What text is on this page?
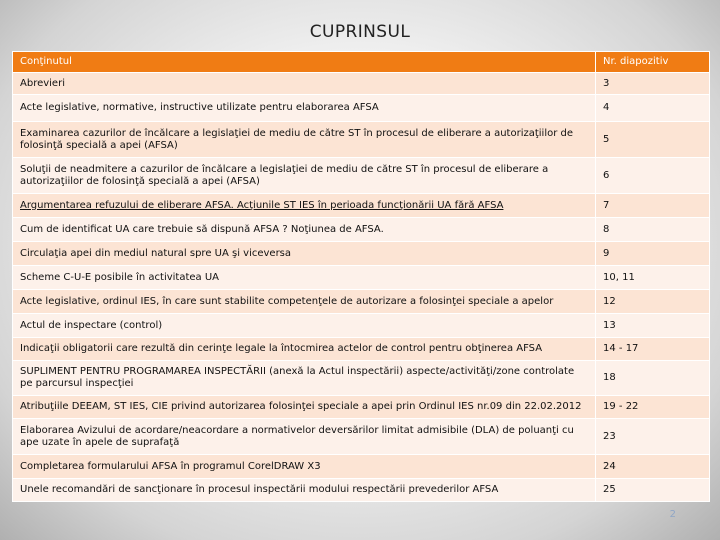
CUPRINSUL
Conţinutul	Nr. diapozitiv
Abrevieri	3
Acte legislative, normative, instructive utilizate pentru elaborarea AFSA	4
Examinarea cazurilor de încălcare a legislaţiei de mediu de către ST în procesul de eliberare a autorizaţiilor de folosinţă specială a apei (AFSA)	5
Soluţii de neadmitere a cazurilor de încălcare a legislaţiei de mediu de către ST în procesul de eliberare a autorizaţiilor de folosinţă specială a apei (AFSA)	6
Argumentarea refuzului de eliberare AFSA. Acţiunile ST IES în perioada funcţionării UA fără AFSA	7
Cum de identificat UA care trebuie să dispună AFSA ? Noţiunea de AFSA.	8
Circulaţia apei din mediul natural spre UA şi viceversa	9
Scheme C-U-E posibile în activitatea UA	10, 11
Acte legislative, ordinul IES, în care sunt stabilite competenţele de autorizare a folosinţei speciale a apelor	12
Actul de inspectare (control)	13
Indicaţii obligatorii care rezultă din cerinţe legale la întocmirea actelor de control pentru obţinerea AFSA	14 - 17
SUPLIMENT PENTRU PROGRAMAREA INSPECTĂRII (anexă la Actul inspectării) aspecte/activităţi/zone controlate pe parcursul inspecţiei	18
Atribuţiile DEEAM, ST IES, CIE privind autorizarea folosinţei speciale a apei prin Ordinul IES nr.09 din 22.02.2012	19 - 22
Elaborarea Avizului de acordare/neacordare a normativelor deversărilor limitat admisibile (DLA) de poluanţi cu ape uzate în apele de suprafaţă	23
Completarea formularului AFSA în programul CorelDRAW X3	24
Unele recomandări de sancţionare în procesul inspectării modului respectării prevederilor AFSA	25
2
